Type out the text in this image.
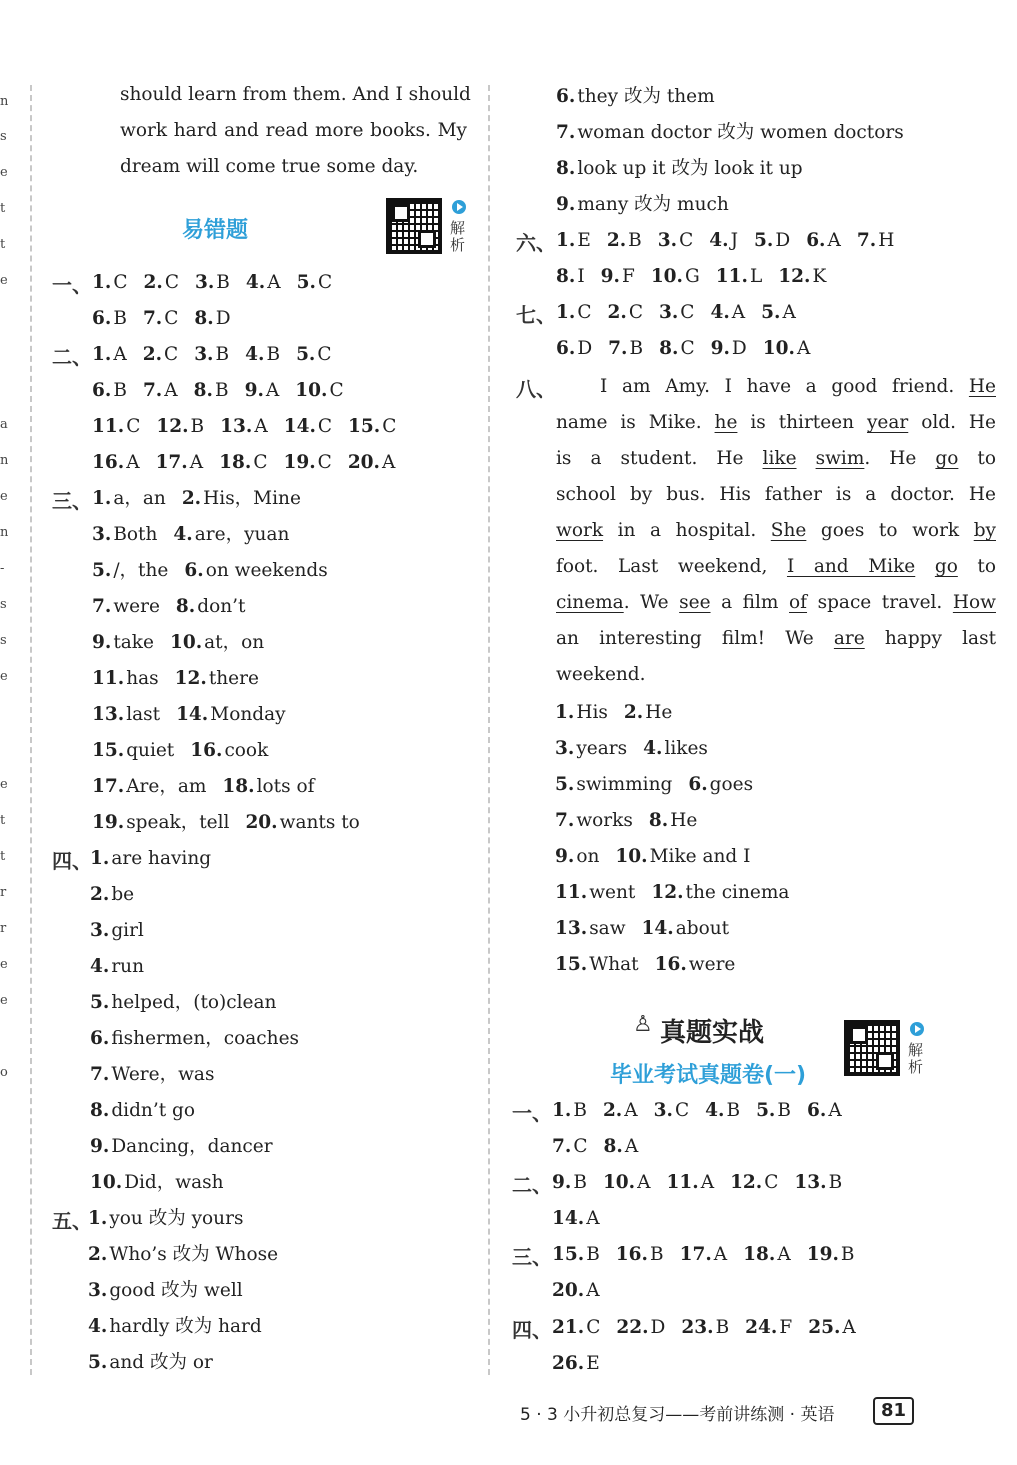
n
s
e
t
t
e
a
n
e
n
-
s
s
e
e
t
t
r
r
e
e
o
should learn from them. And I should
work hard and read more books. My
dream will come true some day.
易错题	解析
一、 1. C 2. C 3. B 4. A 5. C
6. B 7. C 8. D
二、 1. A 2. C 3. B 4. B 5. C
6. B 7. A 8. B 9. A 10. C
11. C 12. B 13. A 14. C 15. C
16. A 17. A 18. C 19. C 20. A
三、 1. a，an 2. His，Mine
3. Both 4. are，yuan
5. /，the 6. on weekends
7. were 8. don’t
9. take 10. at，on
11. has 12. there
13. last 14. Monday
15. quiet 16. cook
17. Are，am 18. lots of
19. speak，tell 20. wants to
四、
1. are having
2. be
3. girl
4. run
5. helped，(to)clean
6. fishermen，coaches
7. Were，was
8. didn’t go
9. Dancing，dancer
10. Did，wash
五、
1. you 改为 yours
2. Who’s 改为 Whose
3. good 改为 well
4. hardly 改为 hard
5. and 改为 or
6. they 改为 them
7. woman doctor 改为 women doctors
8. look up it 改为 look it up
9. many 改为 much
六、 1. E 2. B 3. C 4. J 5. D 6. A 7. H
8. I 9. F 10. G 11. L 12. K
七、 1. C 2. C 3. C 4. A 5. A
6. D 7. B 8. C 9. D 10. A
八、
1. His 2. He
3. years 4. likes
5. swimming 6. goes
7. works 8. He
9. on 10. Mike and I
11. went 12. the cinema
13. saw 14. about
15. What 16. were
一、 1. B 2. A 3. C 4. B 5. B 6. A
7. C 8. A
二、 9. B 10. A 11. A 12. C 13. B
14. A
三、 15. B 16. B 17. A 18. A 19. B
20. A
四、 21. C 22. D 23. B 24. F 25. A
26. E
I am Amy. I have a good friend. He
name is Mike. he is thirteen year old. He
is a student. He like swim. He go to
school by bus. His father is a doctor. He
work in a hospital. She goes to work by
foot. Last weekend, I and Mike go to
cinema. We see a film of space travel. How
an interesting film! We are happy last
weekend.
♙ 真题实战
毕业考试真题卷(一)
解析
5 · 3 小升初总复习——考前讲练测 · 英语	81
